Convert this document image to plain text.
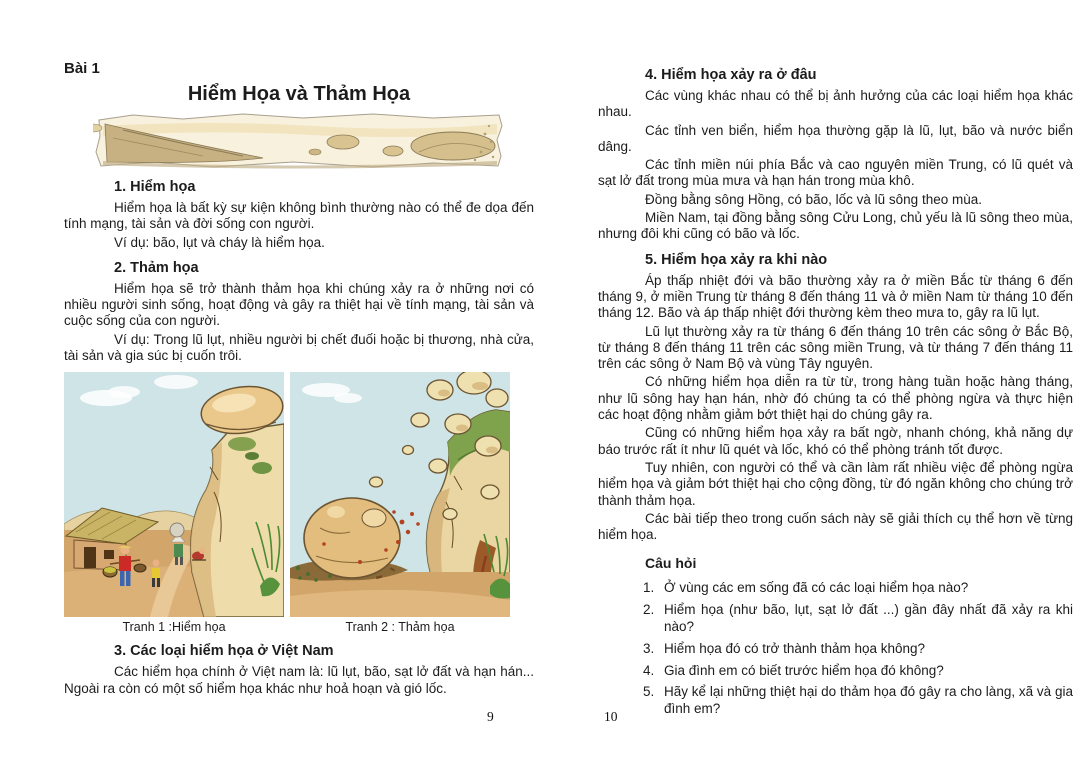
Bài 1
Hiểm Họa và Thảm Họa
1. Hiểm họa

Hiểm họa là bất kỳ sự kiện không bình thường nào có thể đe dọa đến tính mạng, tài sản và đời sống con người.

Ví dụ: bão, lụt và cháy là hiểm họa.

2. Thảm họa

Hiểm họa sẽ trở thành thảm họa khi chúng xảy ra ở những nơi có nhiều người sinh sống, hoạt động và gây ra thiệt hại về tính mạng, tài sản và cuộc sống của con người.

Ví dụ: Trong lũ lụt, nhiều người bị chết đuối hoặc bị thương, nhà cửa, tài sản và gia súc bị cuốn trôi.

Tranh 1 :Hiểm họa	Tranh 2 : Thảm họa
3. Các loại hiểm họa ở Việt Nam

Các hiểm họa chính ở Việt nam là: lũ lụt, bão, sạt lở đất và hạn hán... Ngoài ra còn có một số hiểm họa khác như hoả hoạn và gió lốc.

4. Hiểm họa xảy ra ở đâu

Các vùng khác nhau có thể bị ảnh hưởng của các loại hiểm họa khác nhau.

Các tỉnh ven biển, hiểm họa thường gặp là lũ, lụt, bão và nước biển dâng.

Các tỉnh miền núi phía Bắc và cao nguyên miền Trung, có lũ quét và sạt lở đất trong mùa mưa và hạn hán trong mùa khô.

Đồng bằng sông Hồng, có bão, lốc và lũ sông theo mùa.

Miền Nam, tại đồng bằng sông Cửu Long, chủ yếu là lũ sông theo mùa, nhưng đôi khi cũng có bão và lốc.

5. Hiểm họa xảy ra khi nào

Áp thấp nhiệt đới và bão thường xảy ra ở miền Bắc từ tháng 6 đến tháng 9, ở miền Trung từ tháng 8 đến tháng 11 và ở miền Nam từ tháng 10 đến tháng 12. Bão và áp thấp nhiệt đới thường kèm theo mưa to, gây ra lũ lụt.

Lũ lụt thường xảy ra từ tháng 6 đến tháng 10 trên các sông ở Bắc Bộ, từ tháng 8 đến tháng 11 trên các sông miền Trung, và từ tháng 7 đến tháng 11 trên các sông ở Nam Bộ và vùng Tây nguyên.

Có những hiểm họa diễn ra từ từ, trong hàng tuần hoặc hàng tháng, như lũ sông hay hạn hán, nhờ đó chúng ta có thể phòng ngừa và thực hiện các hoạt động nhằm giảm bớt thiệt hại do chúng gây ra.

Cũng có những hiểm họa xảy ra bất ngờ, nhanh chóng, khả năng dự báo trước rất ít như lũ quét và lốc, khó có thể phòng tránh tốt được.

Tuy nhiên, con người có thể và cần làm rất nhiều việc để phòng ngừa hiểm họa và giảm bớt thiệt hại cho cộng đồng, từ đó ngăn không cho chúng trở thành thảm họa.

Các bài tiếp theo trong cuốn sách này sẽ giải thích cụ thể hơn về từng hiểm họa.

Câu hỏi
1. Ở vùng các em sống đã có các loại hiểm họa nào?
2. Hiểm họa (như bão, lụt, sạt lở đất ...) gần đây nhất đã xảy ra khi nào?
3. Hiểm họa đó có trở thành thảm họa không?
4. Gia đình em có biết trước hiểm họa đó không?
5. Hãy kể lại những thiệt hại do thảm họa đó gây ra cho làng, xã và gia đình em?
9	10
